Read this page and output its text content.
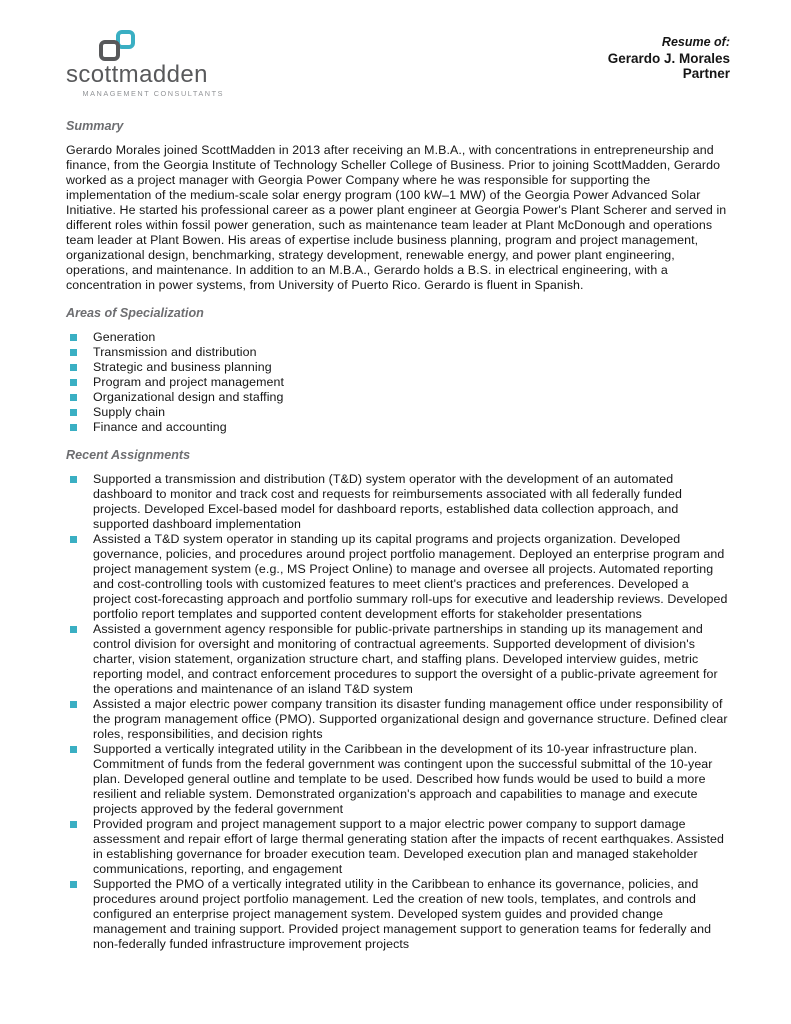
scottmadden
MANAGEMENT CONSULTANTS
Resume of:
Gerardo J. Morales
Partner
Summary

Gerardo Morales joined ScottMadden in 2013 after receiving an M.B.A., with concentrations in entrepreneurship and finance, from the Georgia Institute of Technology Scheller College of Business. Prior to joining ScottMadden, Gerardo worked as a project manager with Georgia Power Company where he was responsible for supporting the implementation of the medium-scale solar energy program (100 kW–1 MW) of the Georgia Power Advanced Solar Initiative. He started his professional career as a power plant engineer at Georgia Power's Plant Scherer and served in different roles within fossil power generation, such as maintenance team leader at Plant McDonough and operations team leader at Plant Bowen. His areas of expertise include business planning, program and project management, organizational design, benchmarking, strategy development, renewable energy, and power plant engineering, operations, and maintenance. In addition to an M.B.A., Gerardo holds a B.S. in electrical engineering, with a concentration in power systems, from University of Puerto Rico. Gerardo is fluent in Spanish.

Areas of Specialization
Generation
Transmission and distribution
Strategic and business planning
Program and project management
Organizational design and staffing
Supply chain
Finance and accounting
Recent Assignments
Supported a transmission and distribution (T&D) system operator with the development of an automated dashboard to monitor and track cost and requests for reimbursements associated with all federally funded projects. Developed Excel-based model for dashboard reports, established data collection approach, and supported dashboard implementation
Assisted a T&D system operator in standing up its capital programs and projects organization. Developed governance, policies, and procedures around project portfolio management. Deployed an enterprise program and project management system (e.g., MS Project Online) to manage and oversee all projects. Automated reporting and cost-controlling tools with customized features to meet client's practices and preferences. Developed a project cost-forecasting approach and portfolio summary roll-ups for executive and leadership reviews. Developed portfolio report templates and supported content development efforts for stakeholder presentations
Assisted a government agency responsible for public-private partnerships in standing up its management and control division for oversight and monitoring of contractual agreements. Supported development of division's charter, vision statement, organization structure chart, and staffing plans. Developed interview guides, metric reporting model, and contract enforcement procedures to support the oversight of a public-private agreement for the operations and maintenance of an island T&D system
Assisted a major electric power company transition its disaster funding management office under responsibility of the program management office (PMO). Supported organizational design and governance structure. Defined clear roles, responsibilities, and decision rights
Supported a vertically integrated utility in the Caribbean in the development of its 10-year infrastructure plan. Commitment of funds from the federal government was contingent upon the successful submittal of the 10-year plan. Developed general outline and template to be used. Described how funds would be used to build a more resilient and reliable system. Demonstrated organization's approach and capabilities to manage and execute projects approved by the federal government
Provided program and project management support to a major electric power company to support damage assessment and repair effort of large thermal generating station after the impacts of recent earthquakes. Assisted in establishing governance for broader execution team. Developed execution plan and managed stakeholder communications, reporting, and engagement
Supported the PMO of a vertically integrated utility in the Caribbean to enhance its governance, policies, and procedures around project portfolio management. Led the creation of new tools, templates, and controls and configured an enterprise project management system. Developed system guides and provided change management and training support. Provided project management support to generation teams for federally and non-federally funded infrastructure improvement projects
